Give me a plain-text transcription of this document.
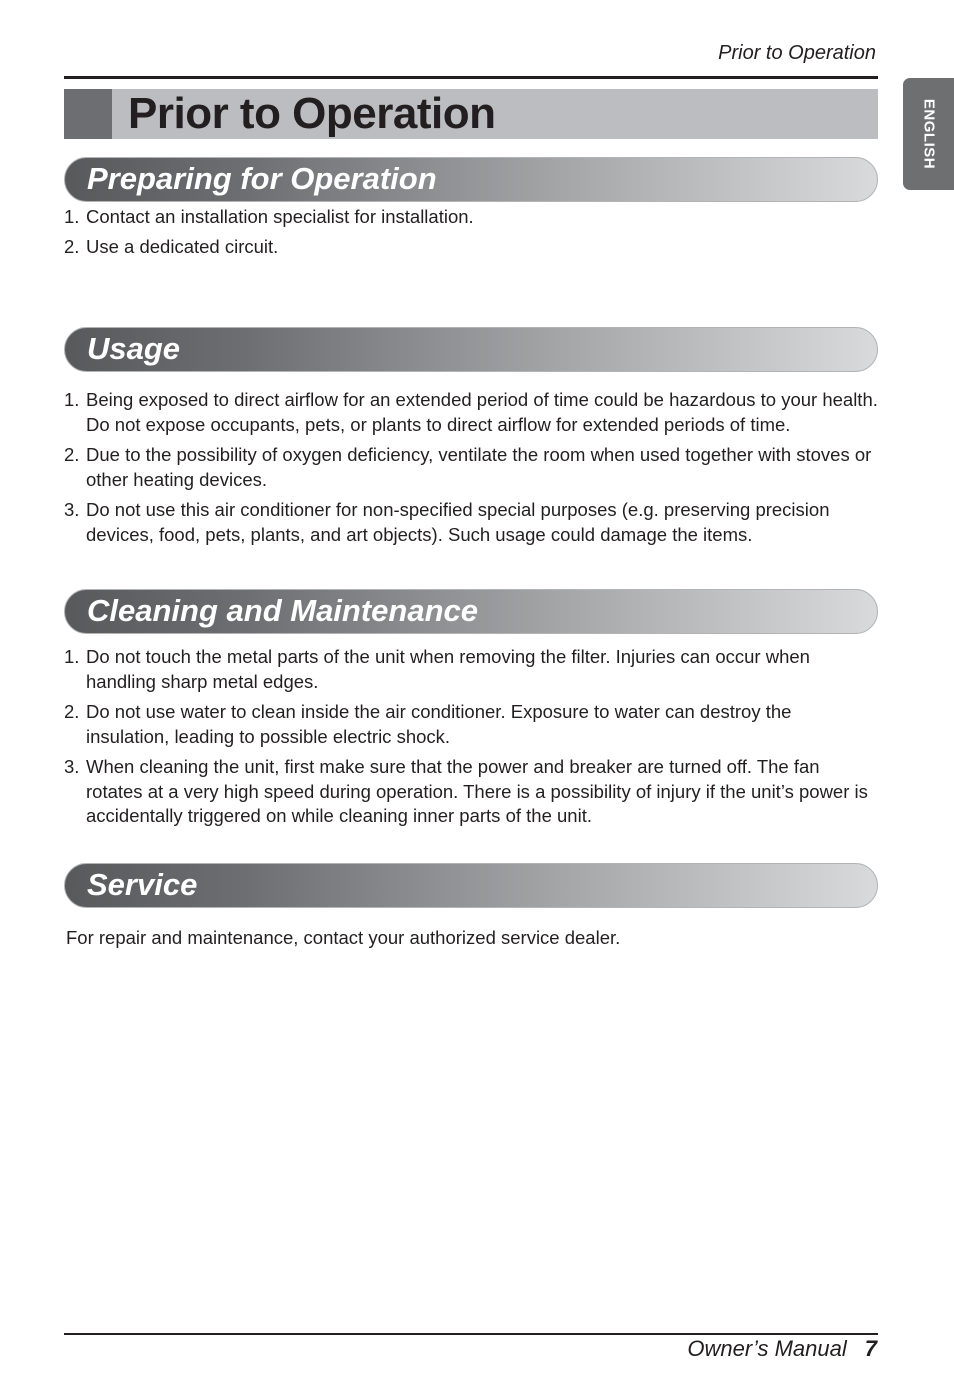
Prior to Operation
ENGLISH
Prior to Operation
Preparing for Operation
1. Contact an installation specialist for installation.
2. Use a dedicated circuit.
Usage
1. Being exposed to direct airflow for an extended period of time could be hazardous to your health. Do not expose occupants, pets, or plants to direct airflow for extended periods of time.
2. Due to the possibility of oxygen deficiency, ventilate the room when used together with stoves or other heating devices.
3. Do not use this air conditioner for non-specified special purposes (e.g. preserving precision devices, food, pets, plants, and art objects). Such usage could damage the items.
Cleaning and Maintenance
1. Do not touch the metal parts of the unit when removing the filter. Injuries can occur when handling sharp metal edges.
2. Do not use water to clean inside the air conditioner. Exposure to water can destroy the insulation, leading to possible electric shock.
3. When cleaning the unit, first make sure that the power and breaker are turned off. The fan rotates at a very high speed during operation. There is a possibility of injury if the unit’s power is accidentally triggered on while cleaning inner parts of the unit.
Service
For repair and maintenance, contact your authorized service dealer.
Owner’s Manual 7
